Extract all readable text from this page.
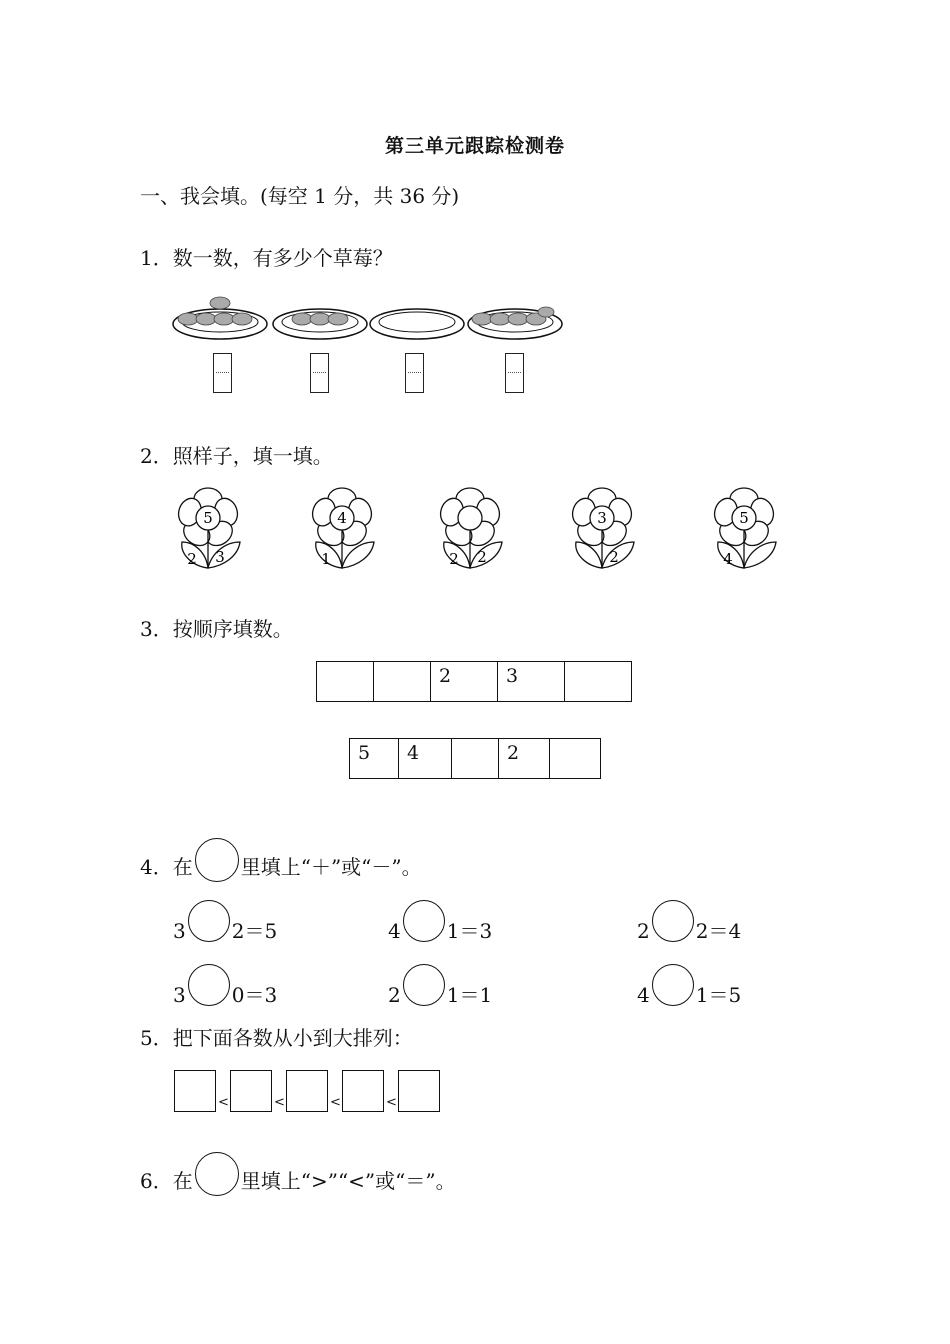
第三单元跟踪检测卷
一、我会填。(每空 1 分，共 36 分)
1．数一数，有多少个草莓？
2．照样子，填一填。
5
2 3
4
1	2 2
3
2
5
4
3．按顺序填数。
		2	3	
5	4		2	
4．在 里填上“＋”或“－”。
3 2＝5	4 1＝3	2 2＝4
3 0＝3	2 1＝1	4 1＝5
5．把下面各数从小到大排列：
<	<	<	<
6．在 里填上“>”“<”或“＝”。
